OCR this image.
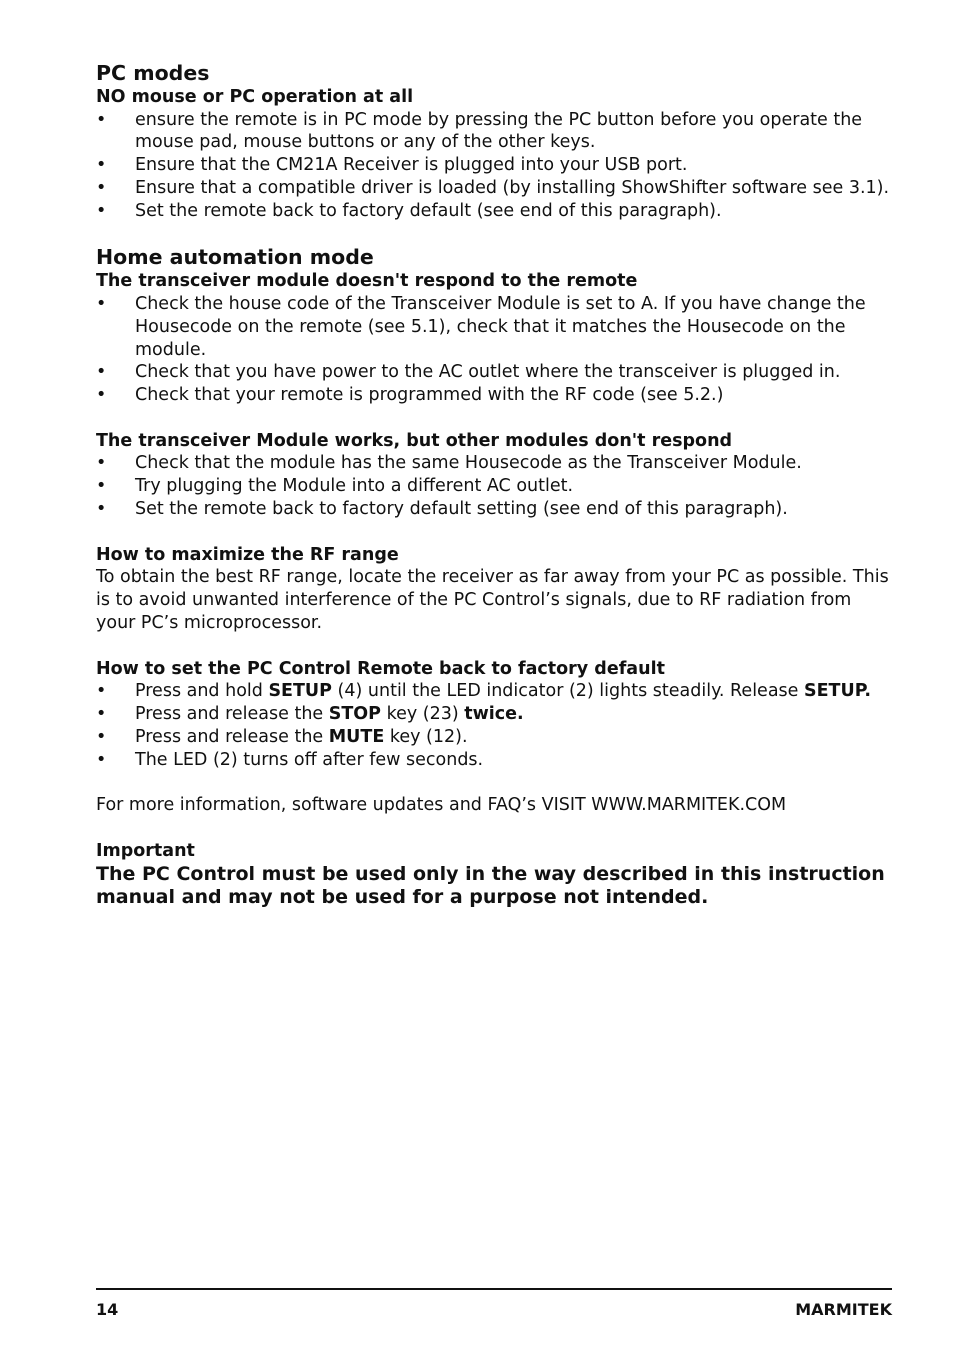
PC modes
NO mouse or PC operation at all
• ensure the remote is in PC mode by pressing the PC button before you operate the mouse pad, mouse buttons or any of the other keys.
• Ensure that the CM21A Receiver is plugged into your USB port.
• Ensure that a compatible driver is loaded (by installing ShowShifter software see 3.1).
• Set the remote back to factory default (see end of this paragraph).
Home automation mode
The transceiver module doesn't respond to the remote
• Check the house code of the Transceiver Module is set to A. If you have change the Housecode on the remote (see 5.1), check that it matches the Housecode on the module.
• Check that you have power to the AC outlet where the transceiver is plugged in.
• Check that your remote is programmed with the RF code (see 5.2.)
The transceiver Module works, but other modules don't respond
• Check that the module has the same Housecode as the Transceiver Module.
• Try plugging the Module into a different AC outlet.
• Set the remote back to factory default setting (see end of this paragraph).
How to maximize the RF range

To obtain the best RF range, locate the receiver as far away from your PC as possible. This is to avoid unwanted interference of the PC Control’s signals, due to RF radiation from your PC’s microprocessor.

How to set the PC Control Remote back to factory default
• Press and hold SETUP (4) until the LED indicator (2) lights steadily. Release SETUP.
• Press and release the STOP key (23) twice.
• Press and release the MUTE key (12).
• The LED (2) turns off after few seconds.

For more information, software updates and FAQ’s VISIT WWW.MARMITEK.COM

Important

The PC Control must be used only in the way described in this instruction manual and may not be used for a purpose not intended.

14	MARMITEK
